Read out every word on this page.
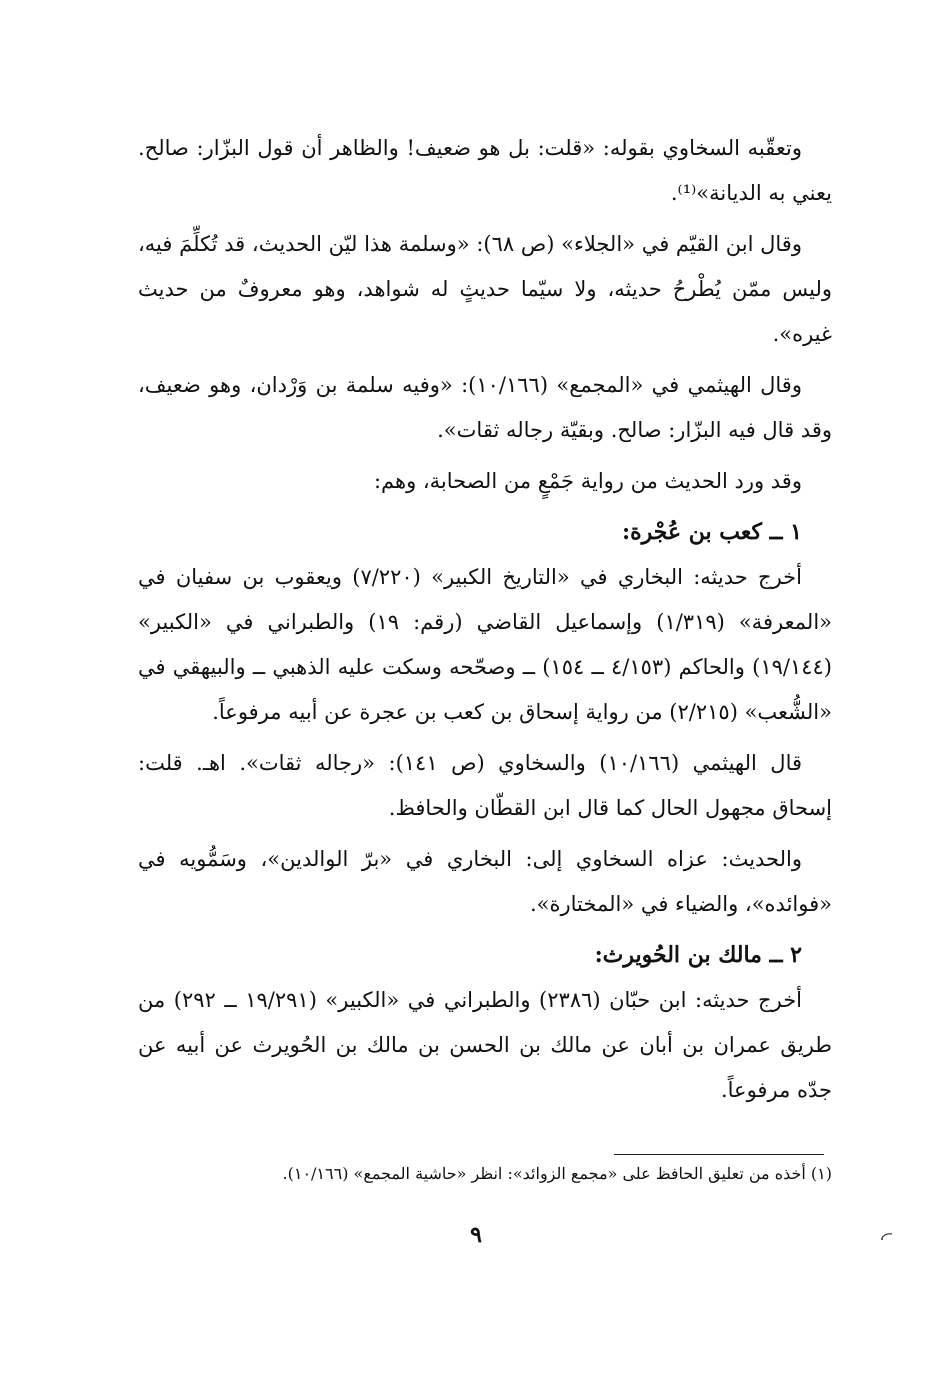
وتعقّبه السخاوي بقوله: «قلت: بل هو ضعيف! والظاهر أن قول البزّار: صالح. يعني به الديانة»⁽¹⁾.

وقال ابن القيّم في «الجلاء» (ص ٦٨): «وسلمة هذا ليّن الحديث، قد تُكلِّمَ فيه، وليس ممّن يُطْرحُ حديثه، ولا سيّما حديثٍ له شواهد، وهو معروفٌ من حديث غيره».

وقال الهيثمي في «المجمع» (١٠/١٦٦): «وفيه سلمة بن وَرْدان، وهو ضعيف، وقد قال فيه البزّار: صالح. وبقيّة رجاله ثقات».

وقد ورد الحديث من رواية جَمْعٍ من الصحابة، وهم:

١ ــ كعب بن عُجْرة:

أخرج حديثه: البخاري في «التاريخ الكبير» (٧/٢٢٠) ويعقوب بن سفيان في «المعرفة» (١/٣١٩) وإسماعيل القاضي (رقم: ١٩) والطبراني في «الكبير» (١٩/١٤٤) والحاكم (٤/١٥٣ ــ ١٥٤) ــ وصحّحه وسكت عليه الذهبي ــ والبيهقي في «الشُّعب» (٢/٢١٥) من رواية إسحاق بن كعب بن عجرة عن أبيه مرفوعاً.

قال الهيثمي (١٠/١٦٦) والسخاوي (ص ١٤١): «رجاله ثقات». اهـ. قلت: إسحاق مجهول الحال كما قال ابن القطّان والحافظ.

والحديث: عزاه السخاوي إلى: البخاري في «برّ الوالدين»، وسَمُّويه في «فوائده»، والضياء في «المختارة».

٢ ــ مالك بن الحُويرث:

أخرج حديثه: ابن حبّان (٢٣٨٦) والطبراني في «الكبير» (١٩/٢٩١ ــ ٢٩٢) من طريق عمران بن أبان عن مالك بن الحسن بن مالك بن الحُويرث عن أبيه عن جدّه مرفوعاً.

(١) أخذه من تعليق الحافظ على «مجمع الزوائد»: انظر «حاشية المجمع» (١٠/١٦٦).
٩
